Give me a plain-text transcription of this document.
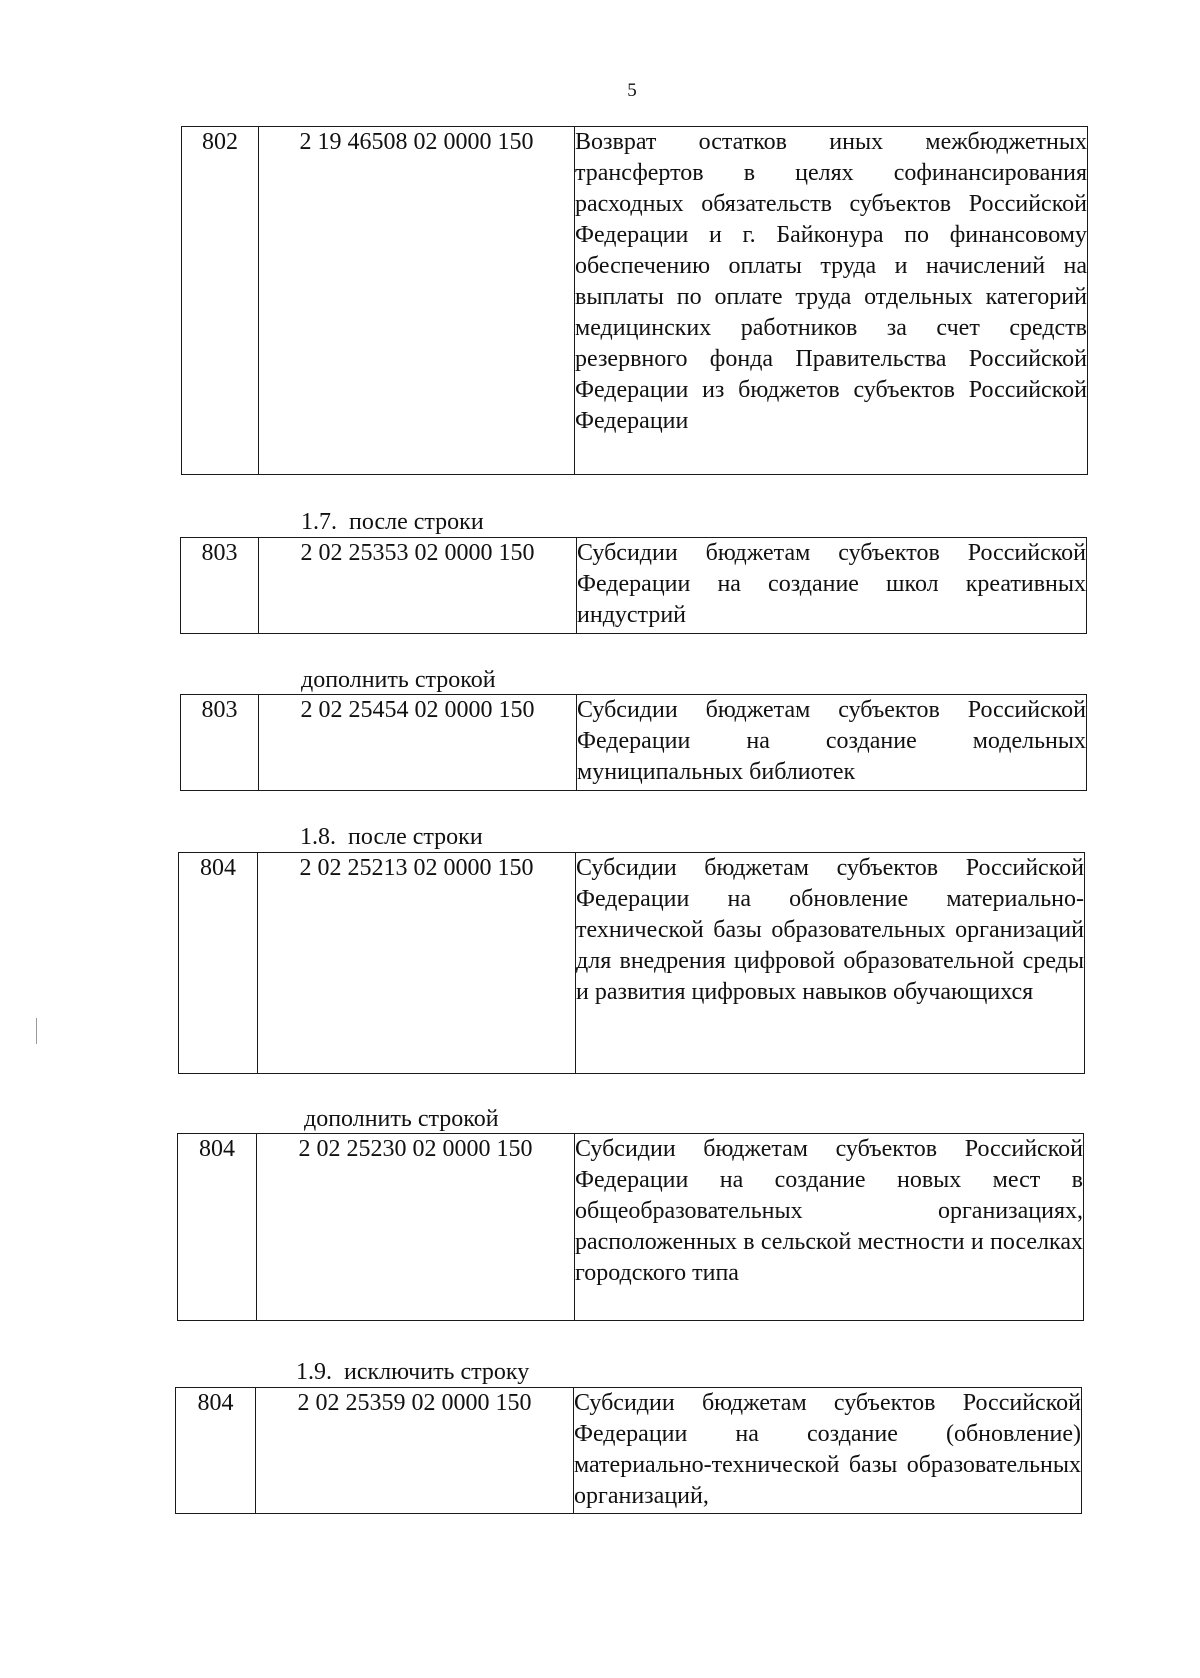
5
802	2 19 46508 02 0000 150	Возврат остатков иных межбюджетных трансфертов в целях софинансирования расходных обязательств субъектов Российской Федерации и г. Байконура по финансовому обеспечению оплаты труда и начислений на выплаты по оплате труда отдельных категорий медицинских работников за счет средств резервного фонда Правительства Российской Федерации из бюджетов субъектов Российской Федерации
1.7. после строки
803	2 02 25353 02 0000 150	Субсидии бюджетам субъектов Российской Федерации на создание школ креативных индустрий
дополнить строкой
803	2 02 25454 02 0000 150	Субсидии бюджетам субъектов Российской Федерации на создание модельных муниципальных библиотек
1.8. после строки
804	2 02 25213 02 0000 150	Субсидии бюджетам субъектов Российской Федерации на обновление материально-технической базы образовательных организаций для внедрения цифровой образовательной среды и развития цифровых навыков обучающихся
дополнить строкой
804	2 02 25230 02 0000 150	Субсидии бюджетам субъектов Российской Федерации на создание новых мест в общеобразовательных организациях, расположенных в сельской местности и поселках городского типа
1.9. исключить строку
804	2 02 25359 02 0000 150	Субсидии бюджетам субъектов Российской Федерации на создание (обновление) материально-технической базы образовательных организаций,
